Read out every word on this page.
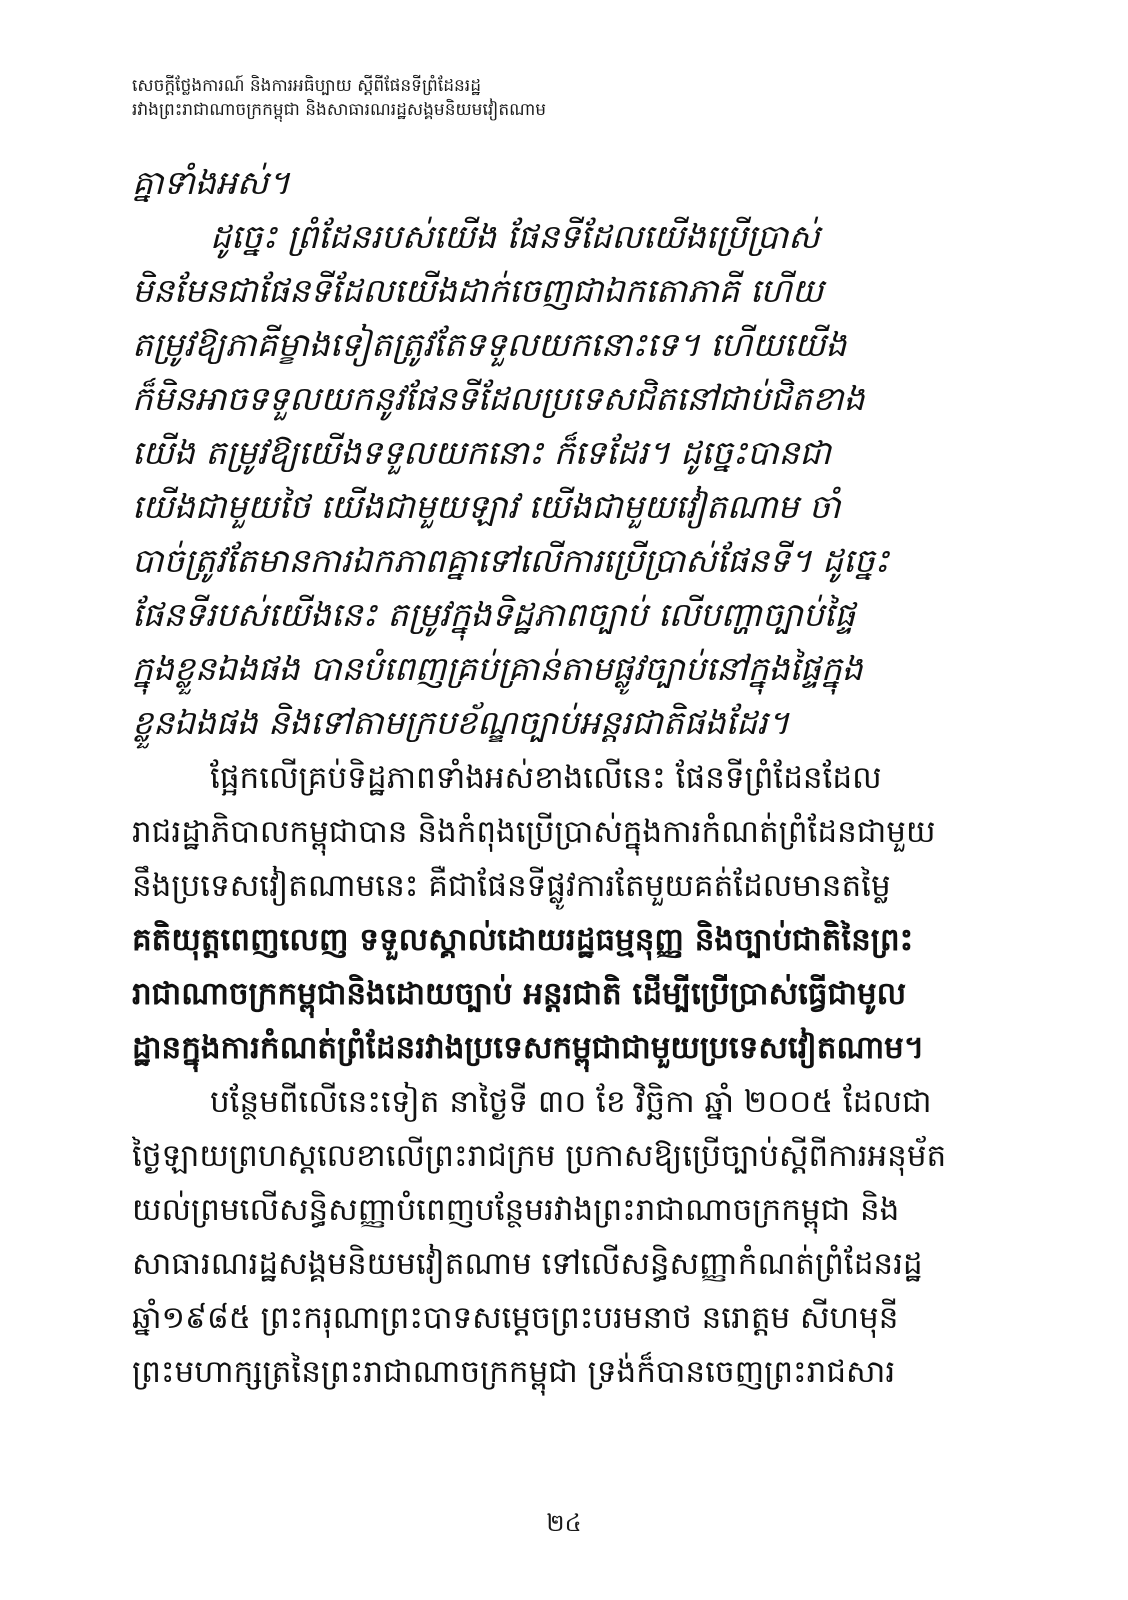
សេចក្តីថ្លែងការណ៍ និងការអធិប្បាយ ស្តីពីផែនទីព្រំដែនរដ្ឋ
រវាងព្រះរាជាណាចក្រកម្ពុជា និងសាធារណរដ្ឋសង្គមនិយមវៀតណាម
គ្នាទាំងអស់។
ដូច្នេះ ព្រំដែនរបស់យើង ផែនទីដែលយើងប្រើប្រាស់
មិនមែនជាផែនទីដែលយើងដាក់ចេញជាឯកតោភាគី ហើយ
តម្រូវឱ្យភាគីម្ខាងទៀតត្រូវតែទទួលយកនោះទេ។ ហើយយើង
ក៏មិនអាចទទួលយកនូវផែនទីដែលប្រទេសជិតនៅជាប់ជិតខាង
យើង តម្រូវឱ្យយើងទទួលយកនោះ ក៏ទេដែរ។ ដូច្នេះបានជា
យើងជាមួយថៃ យើងជាមួយឡាវ យើងជាមួយវៀតណាម ចាំ
បាច់ត្រូវតែមានការឯកភាពគ្នាទៅលើការប្រើប្រាស់ផែនទី។ ដូច្នេះ
ផែនទីរបស់យើងនេះ តម្រូវក្នុងទិដ្ឋភាពច្បាប់ លើបញ្ហាច្បាប់ផ្ទៃ
ក្នុងខ្លួនឯងផង បានបំពេញគ្រប់គ្រាន់តាមផ្លូវច្បាប់នៅក្នុងផ្ទៃក្នុង
ខ្លួនឯងផង និងទៅតាមក្របខ័ណ្ឌច្បាប់អន្តរជាតិផងដែរ។
ផ្អែកលើគ្រប់ទិដ្ឋភាពទាំងអស់ខាងលើនេះ ផែនទីព្រំដែនដែល
រាជរដ្ឋាភិបាលកម្ពុជាបាន និងកំពុងប្រើប្រាស់ក្នុងការកំណត់ព្រំដែនជាមួយ
នឹងប្រទេសវៀតណាមនេះ គឺជាផែនទីផ្លូវការតែមួយគត់ដែលមានតម្លៃ
គតិយុត្តពេញលេញ ទទួលស្គាល់ដោយរដ្ឋធម្មនុញ្ញ និងច្បាប់ជាតិនៃព្រះ
រាជាណាចក្រកម្ពុជានិងដោយច្បាប់ អន្តរជាតិ ដើម្បីប្រើប្រាស់ធ្វើជាមូល
ដ្ឋានក្នុងការកំណត់ព្រំដែនរវាងប្រទេសកម្ពុជាជាមួយប្រទេសវៀតណាម។
បន្ថែមពីលើនេះទៀត នាថ្ងៃទី ៣០ ខែ វិច្ឆិកា ឆ្នាំ ២០០៥ ដែលជា
ថ្ងៃឡាយព្រហស្តលេខាលើព្រះរាជក្រម ប្រកាសឱ្យប្រើច្បាប់ស្តីពីការអនុម័ត
យល់ព្រមលើសន្ធិសញ្ញាបំពេញបន្ថែមរវាងព្រះរាជាណាចក្រកម្ពុជា និង
សាធារណរដ្ឋសង្គមនិយមវៀតណាម ទៅលើសន្ធិសញ្ញាកំណត់ព្រំដែនរដ្ឋ
ឆ្នាំ១៩៨៥ ព្រះករុណាព្រះបាទសម្តេចព្រះបរមនាថ នរោត្តម សីហមុនី
ព្រះមហាក្សត្រនៃព្រះរាជាណាចក្រកម្ពុជា ទ្រង់ក៏បានចេញព្រះរាជសារ
២៤
